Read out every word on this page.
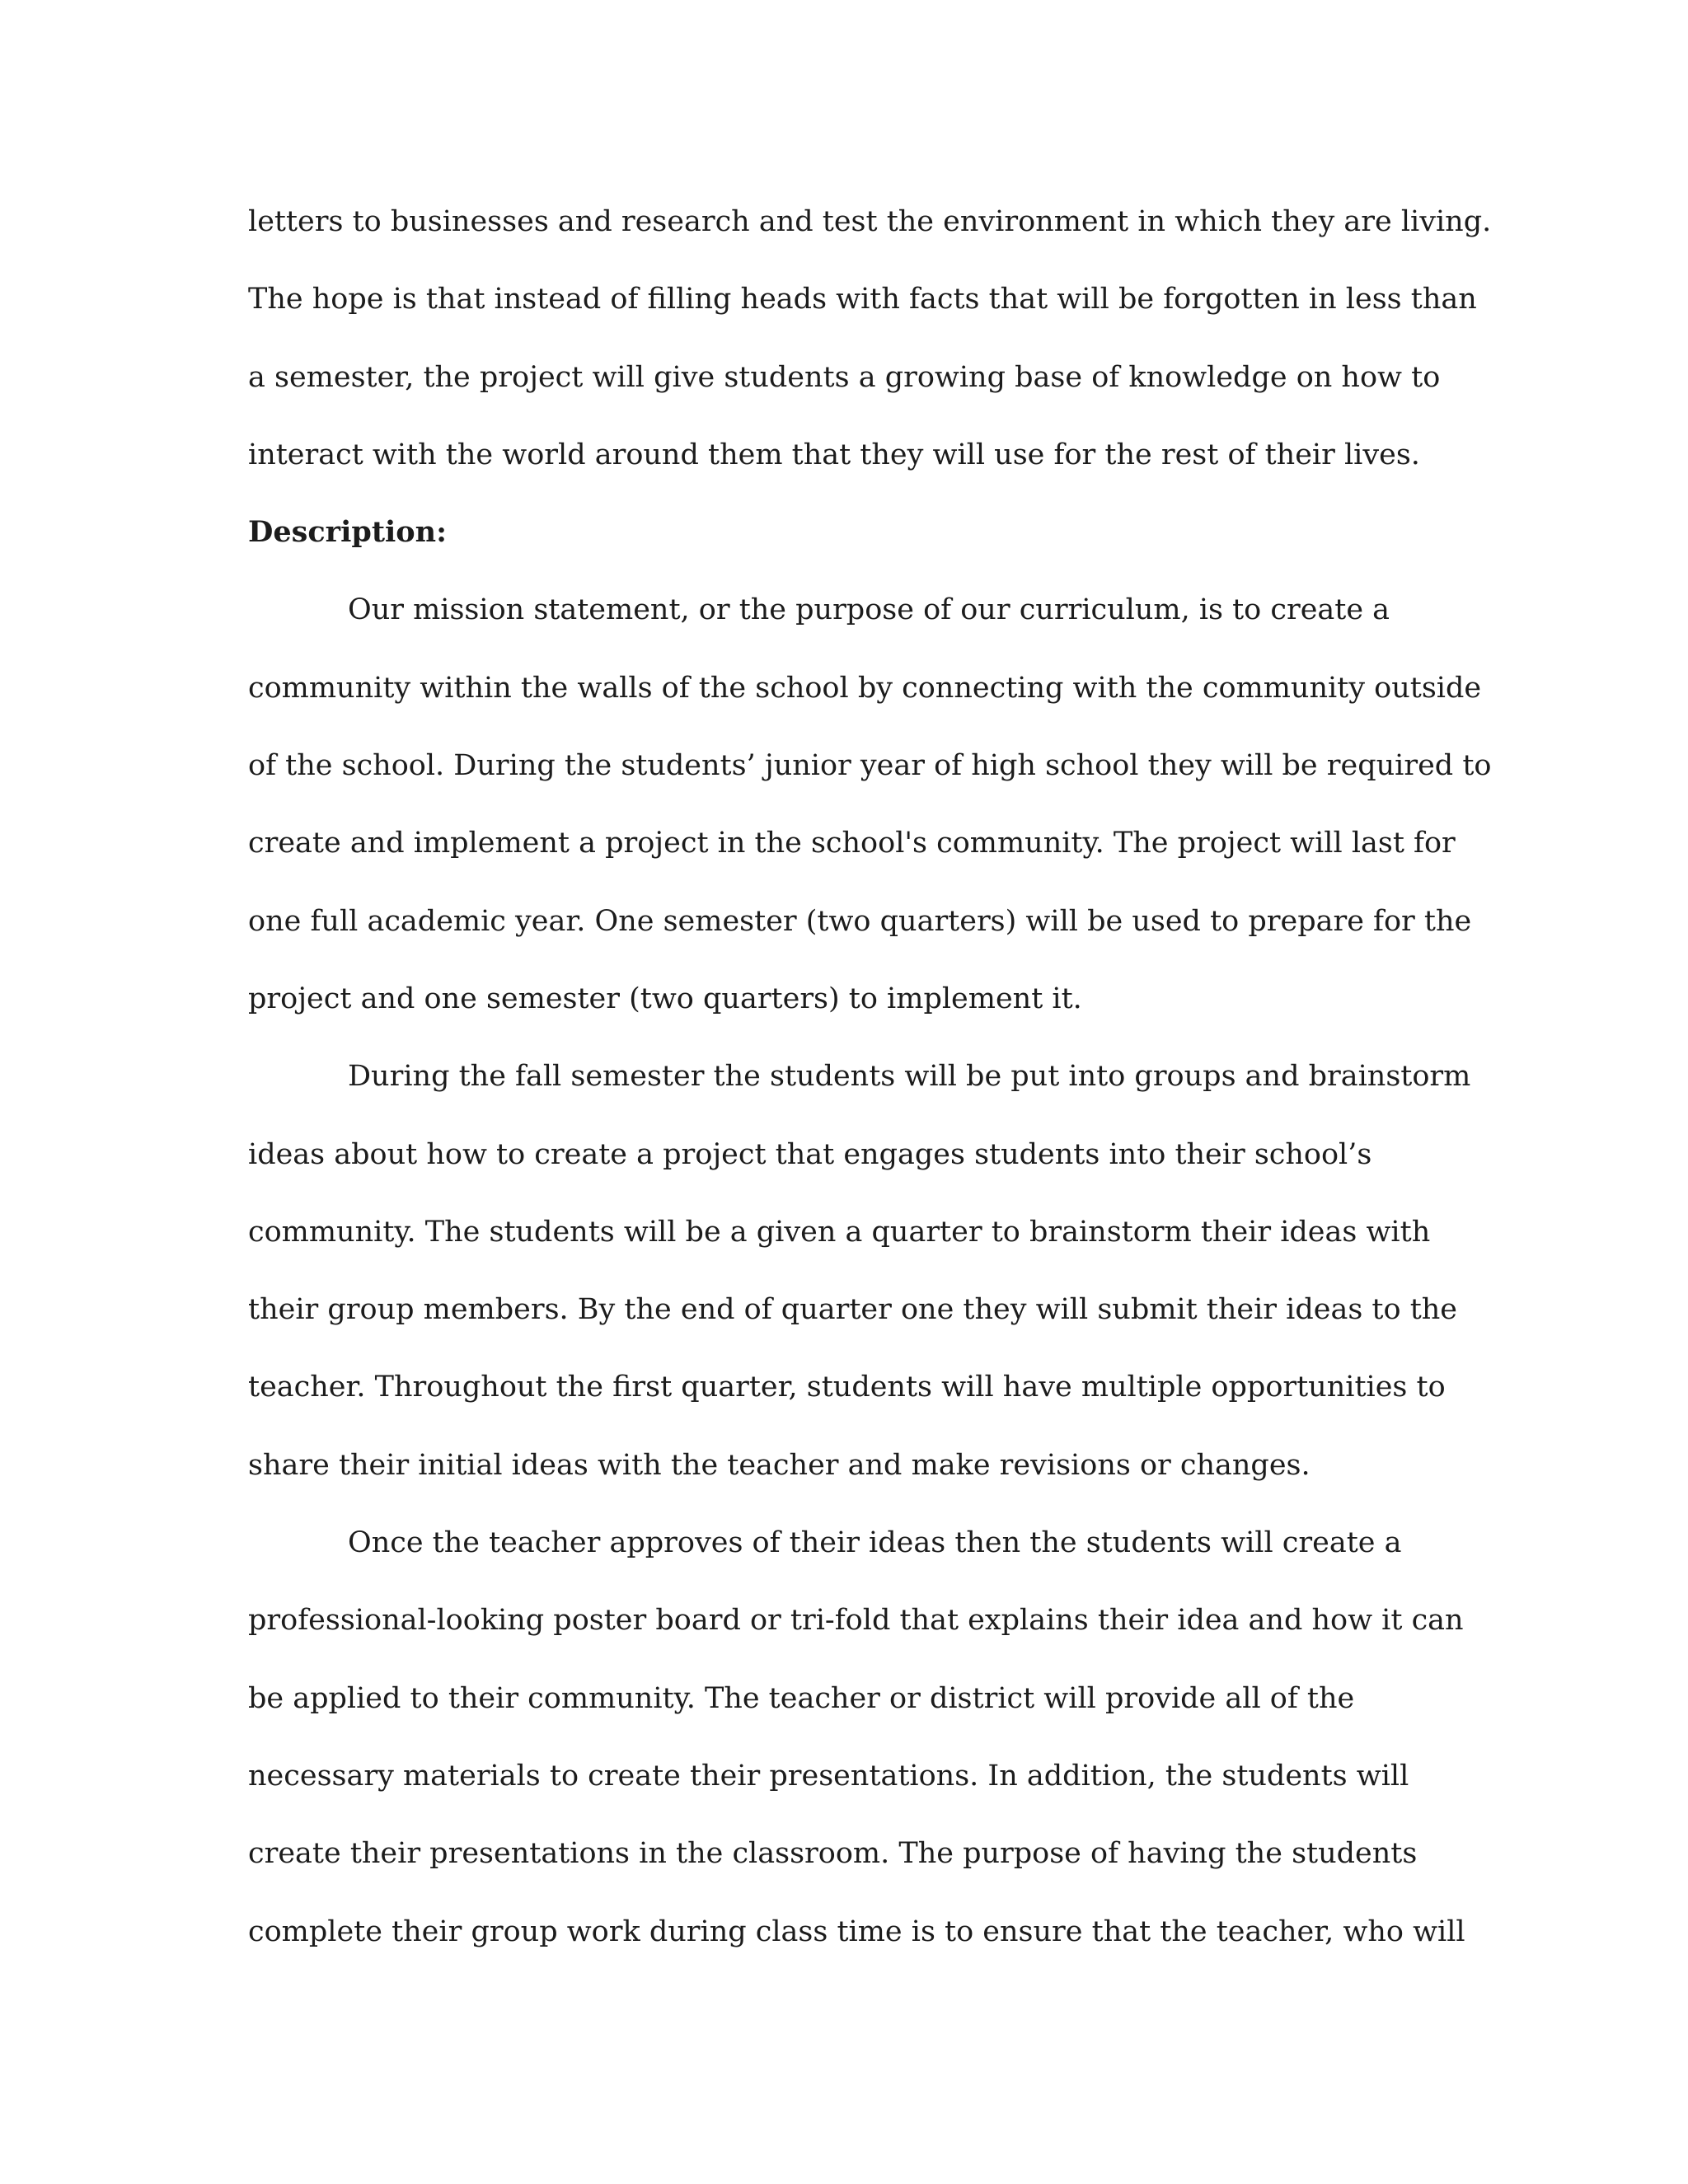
letters to businesses and research and test the environment in which they are living.
The hope is that instead of filling heads with facts that will be forgotten in less than
a semester, the project will give students a growing base of knowledge on how to
interact with the world around them that they will use for the rest of their lives.
Description:
Our mission statement, or the purpose of our curriculum, is to create a
community within the walls of the school by connecting with the community outside
of the school. During the students’ junior year of high school they will be required to
create and implement a project in the school's community. The project will last for
one full academic year. One semester (two quarters) will be used to prepare for the
project and one semester (two quarters) to implement it.
During the fall semester the students will be put into groups and brainstorm
ideas about how to create a project that engages students into their school’s
community. The students will be a given a quarter to brainstorm their ideas with
their group members. By the end of quarter one they will submit their ideas to the
teacher. Throughout the first quarter, students will have multiple opportunities to
share their initial ideas with the teacher and make revisions or changes.
Once the teacher approves of their ideas then the students will create a
professional-looking poster board or tri-fold that explains their idea and how it can
be applied to their community. The teacher or district will provide all of the
necessary materials to create their presentations. In addition, the students will
create their presentations in the classroom. The purpose of having the students
complete their group work during class time is to ensure that the teacher, who will
